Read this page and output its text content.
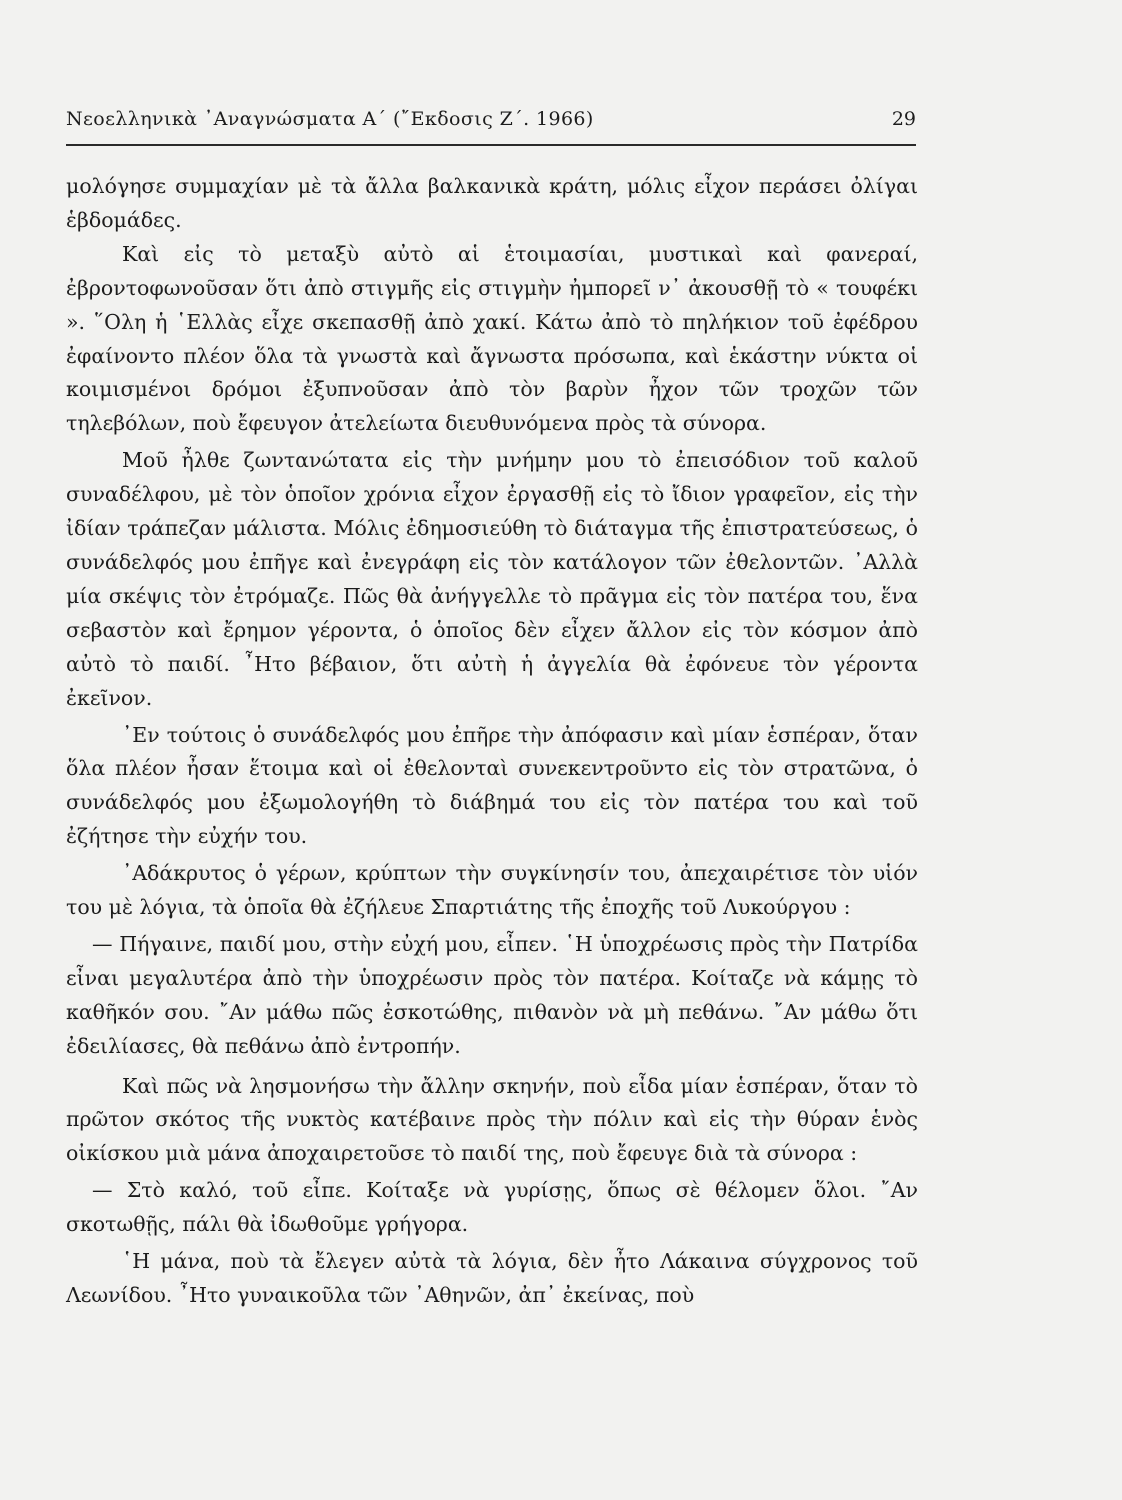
Νεοελληνικὰ ᾿Αναγνώσματα Α΄ (῎Εκδοσις Ζ΄. 1966)	29

μολόγησε συμμαχίαν μὲ τὰ ἄλλα βαλκανικὰ κράτη, μόλις εἶχον περάσει ὀλίγαι ἑβδομάδες.

Καὶ εἰς τὸ μεταξὺ αὐτὸ αἱ ἑτοιμασίαι, μυστικαὶ καὶ φανεραί, ἐβροντοφωνοῦσαν ὅτι ἀπὸ στιγμῆς εἰς στιγμὴν ἠμπορεῖ ν᾿ ἀκουσθῇ τὸ « τουφέκι ». ῞Ολη ἡ ῾Ελλὰς εἶχε σκεπασθῇ ἀπὸ χακί. Κάτω ἀπὸ τὸ πηλήκιον τοῦ ἐφέδρου ἐφαίνοντο πλέον ὅλα τὰ γνωστὰ καὶ ἄγνωστα πρόσωπα, καὶ ἑκάστην νύκτα οἱ κοιμισμένοι δρόμοι ἐξυπνοῦσαν ἀπὸ τὸν βαρὺν ἦχον τῶν τροχῶν τῶν τηλεβόλων, ποὺ ἔφευγον ἀτελείωτα διευθυνόμενα πρὸς τὰ σύνορα.

Μοῦ ἦλθε ζωντανώτατα εἰς τὴν μνήμην μου τὸ ἐπεισόδιον τοῦ καλοῦ συναδέλφου, μὲ τὸν ὁποῖον χρόνια εἶχον ἐργασθῇ εἰς τὸ ἴδιον γραφεῖον, εἰς τὴν ἰδίαν τράπεζαν μάλιστα. Μόλις ἐδημοσιεύθη τὸ διάταγμα τῆς ἐπιστρατεύσεως, ὁ συνάδελφός μου ἐπῆγε καὶ ἐνεγράφη εἰς τὸν κατάλογον τῶν ἐθελοντῶν. ᾿Αλλὰ μία σκέψις τὸν ἐτρόμαζε. Πῶς θὰ ἀνήγγελλε τὸ πρᾶγμα εἰς τὸν πατέρα του, ἕνα σεβαστὸν καὶ ἔρημον γέροντα, ὁ ὁποῖος δὲν εἶχεν ἄλλον εἰς τὸν κόσμον ἀπὸ αὐτὸ τὸ παιδί. ῏Ητο βέβαιον, ὅτι αὐτὴ ἡ ἀγγελία θὰ ἐφόνευε τὸν γέροντα ἐκεῖνον.

᾿Εν τούτοις ὁ συνάδελφός μου ἐπῆρε τὴν ἀπόφασιν καὶ μίαν ἑσπέραν, ὅταν ὅλα πλέον ἦσαν ἕτοιμα καὶ οἱ ἐθελονταὶ συνεκεντροῦντο εἰς τὸν στρατῶνα, ὁ συνάδελφός μου ἐξωμολογήθη τὸ διάβημά του εἰς τὸν πατέρα του καὶ τοῦ ἐζήτησε τὴν εὐχήν του.

᾿Αδάκρυτος ὁ γέρων, κρύπτων τὴν συγκίνησίν του, ἀπεχαιρέτισε τὸν υἱόν του μὲ λόγια, τὰ ὁποῖα θὰ ἐζήλευε Σπαρτιάτης τῆς ἐποχῆς τοῦ Λυκούργου :

— Πήγαινε, παιδί μου, στὴν εὐχή μου, εἶπεν. ῾Η ὑποχρέωσις πρὸς τὴν Πατρίδα εἶναι μεγαλυτέρα ἀπὸ τὴν ὑποχρέωσιν πρὸς τὸν πατέρα. Κοίταζε νὰ κάμῃς τὸ καθῆκόν σου. ῎Αν μάθω πῶς ἐσκοτώθης, πιθανὸν νὰ μὴ πεθάνω. ῎Αν μάθω ὅτι ἐδειλίασες, θὰ πεθάνω ἀπὸ ἐντροπήν.

Καὶ πῶς νὰ λησμονήσω τὴν ἄλλην σκηνήν, ποὺ εἶδα μίαν ἑσπέραν, ὅταν τὸ πρῶτον σκότος τῆς νυκτὸς κατέβαινε πρὸς τὴν πόλιν καὶ εἰς τὴν θύραν ἑνὸς οἰκίσκου μιὰ μάνα ἀποχαιρετοῦσε τὸ παιδί της, ποὺ ἔφευγε διὰ τὰ σύνορα :

— Στὸ καλό, τοῦ εἶπε. Κοίταξε νὰ γυρίσῃς, ὅπως σὲ θέλομεν ὅλοι. ῎Αν σκοτωθῇς, πάλι θὰ ἰδωθοῦμε γρήγορα.

῾Η μάνα, ποὺ τὰ ἔλεγεν αὐτὰ τὰ λόγια, δὲν ἦτο Λάκαινα σύγχρονος τοῦ Λεωνίδου. ῏Ητο γυναικοῦλα τῶν ᾿Αθηνῶν, ἀπ᾿ ἐκείνας, ποὺ
